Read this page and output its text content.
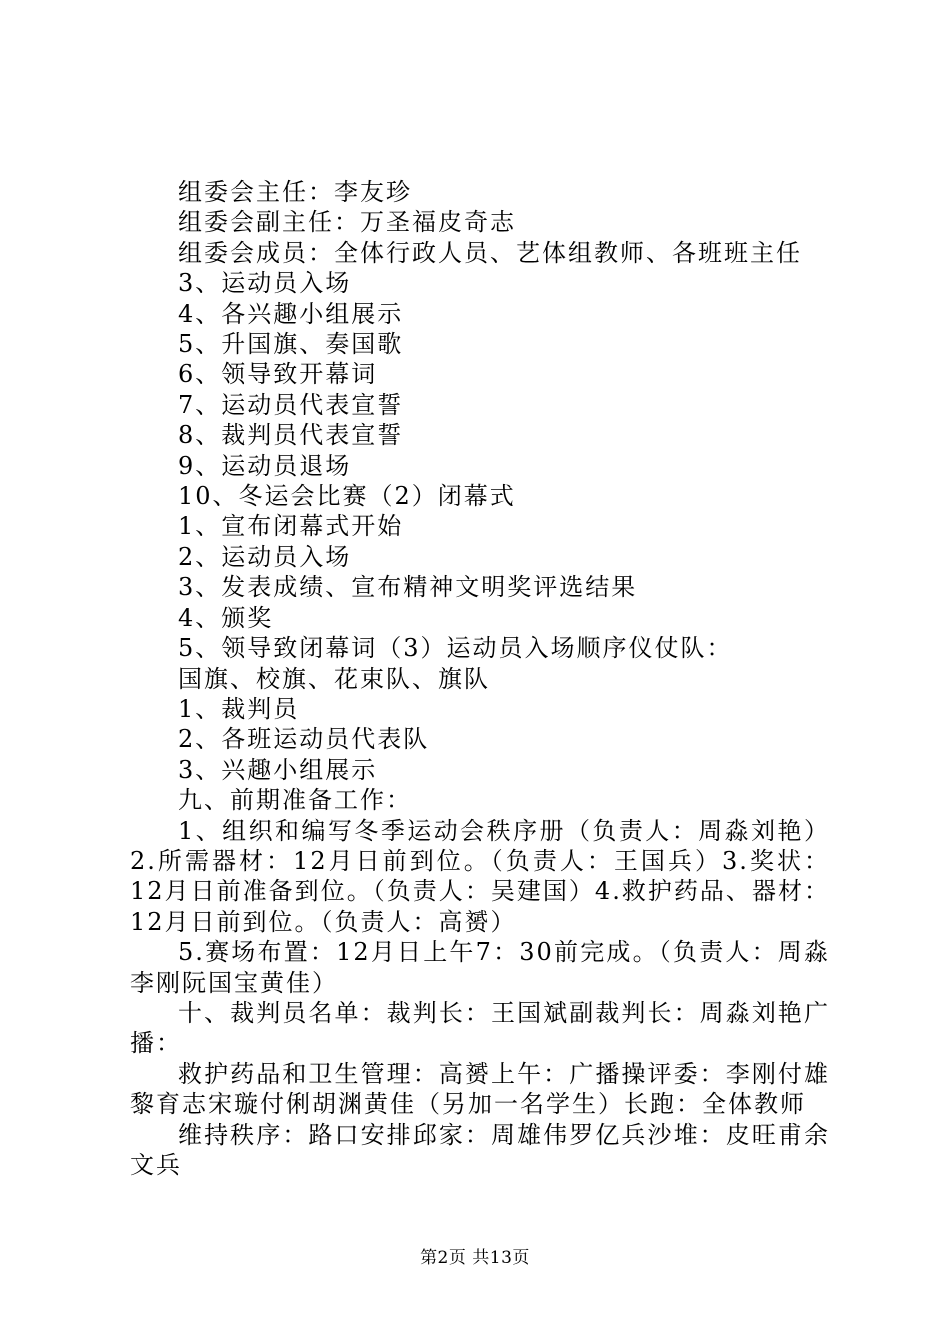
组委会主任：李友珍

组委会副主任：万圣福皮奇志

组委会成员：全体行政人员、艺体组教师、各班班主任

3、运动员入场

4、各兴趣小组展示

5、升国旗、奏国歌

6、领导致开幕词

7、运动员代表宣誓

8、裁判员代表宣誓

9、运动员退场

10、冬运会比赛（2）闭幕式

1、宣布闭幕式开始

2、运动员入场

3、发表成绩、宣布精神文明奖评选结果

4、颁奖

5、领导致闭幕词（3）运动员入场顺序仪仗队：

国旗、校旗、花束队、旗队

1、裁判员

2、各班运动员代表队

3、兴趣小组展示

九、前期准备工作：

1、组织和编写冬季运动会秩序册（负责人：周淼刘艳）2.所需器材：12月日前到位。（负责人：王国兵）3.奖状：12月日前准备到位。（负责人：吴建国）4.救护药品、器材：12月日前到位。（负责人：高赟）

5.赛场布置：12月日上午7：30前完成。（负责人：周淼李刚阮国宝黄佳）

十、裁判员名单：裁判长：王国斌副裁判长：周淼刘艳广播：

救护药品和卫生管理：高赟上午：广播操评委：李刚付雄黎育志宋璇付俐胡渊黄佳（另加一名学生）长跑：全体教师

维持秩序：路口安排邱家：周雄伟罗亿兵沙堆：皮旺甫余文兵

第2页 共13页
